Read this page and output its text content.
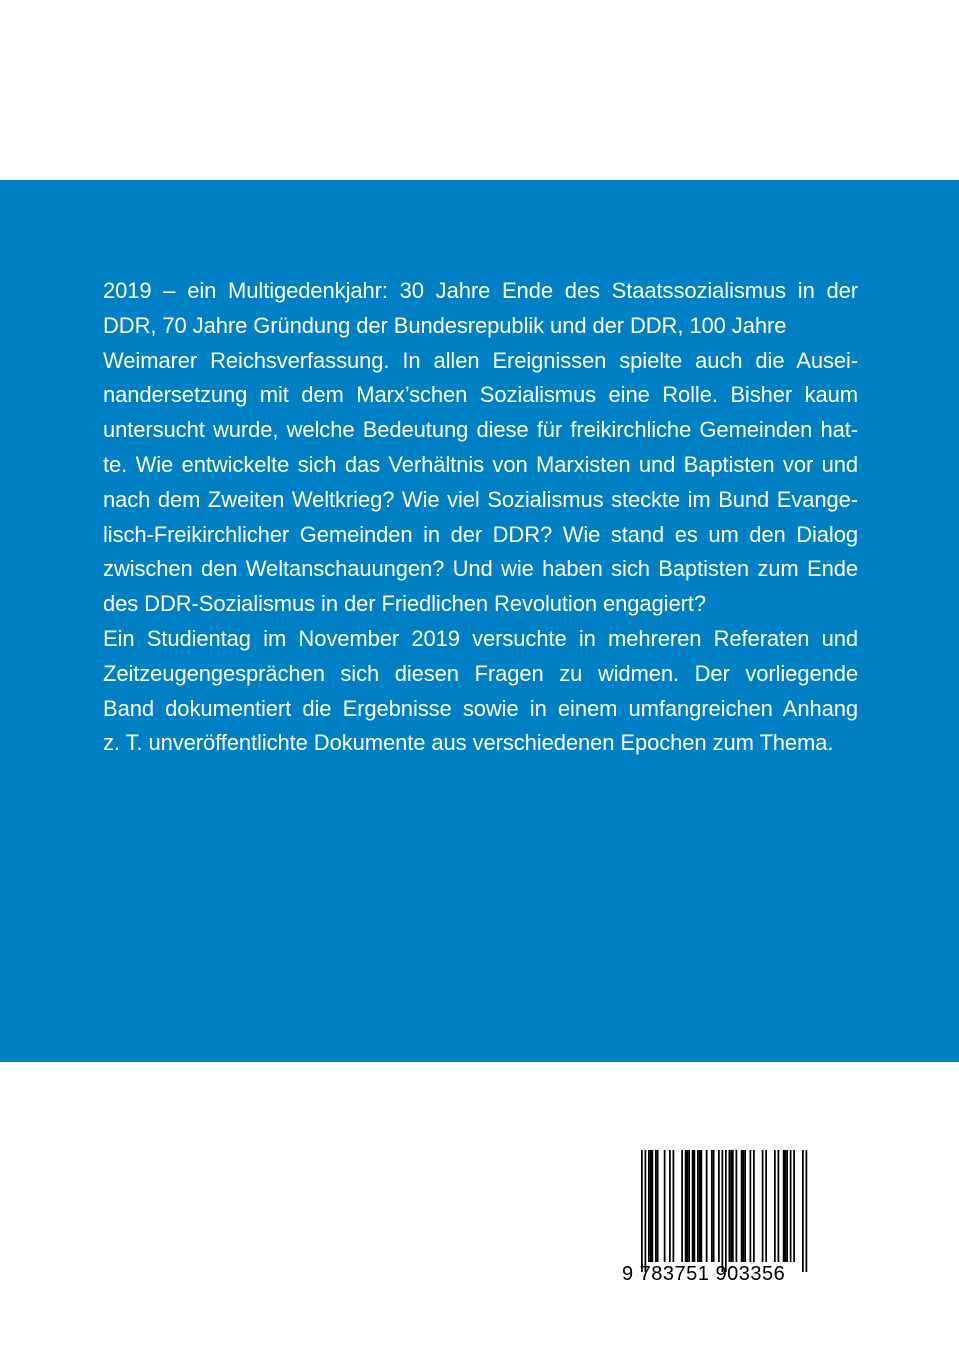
2019 – ein Multigedenkjahr: 30 Jahre Ende des Staatssozialismus in der
DDR, 70 Jahre Gründung der Bundesrepublik und der DDR, 100 Jahre
Weimarer Reichsverfassung. In allen Ereignissen spielte auch die Ausei-
nandersetzung mit dem Marx’schen Sozialismus eine Rolle. Bisher kaum
untersucht wurde, welche Bedeutung diese für freikirchliche Gemeinden hat-
te. Wie entwickelte sich das Verhältnis von Marxisten und Baptisten vor und
nach dem Zweiten Weltkrieg? Wie viel Sozialismus steckte im Bund Evange-
lisch-Freikirchlicher Gemeinden in der DDR? Wie stand es um den Dialog
zwischen den Weltanschauungen? Und wie haben sich Baptisten zum Ende
des DDR-Sozialismus in der Friedlichen Revolution engagiert?
Ein Studientag im November 2019 versuchte in mehreren Referaten und
Zeitzeugengesprächen sich diesen Fragen zu widmen. Der vorliegende
Band dokumentiert die Ergebnisse sowie in einem umfangreichen Anhang
z. T. unveröffentlichte Dokumente aus verschiedenen Epochen zum Thema.
9 783751 903356
